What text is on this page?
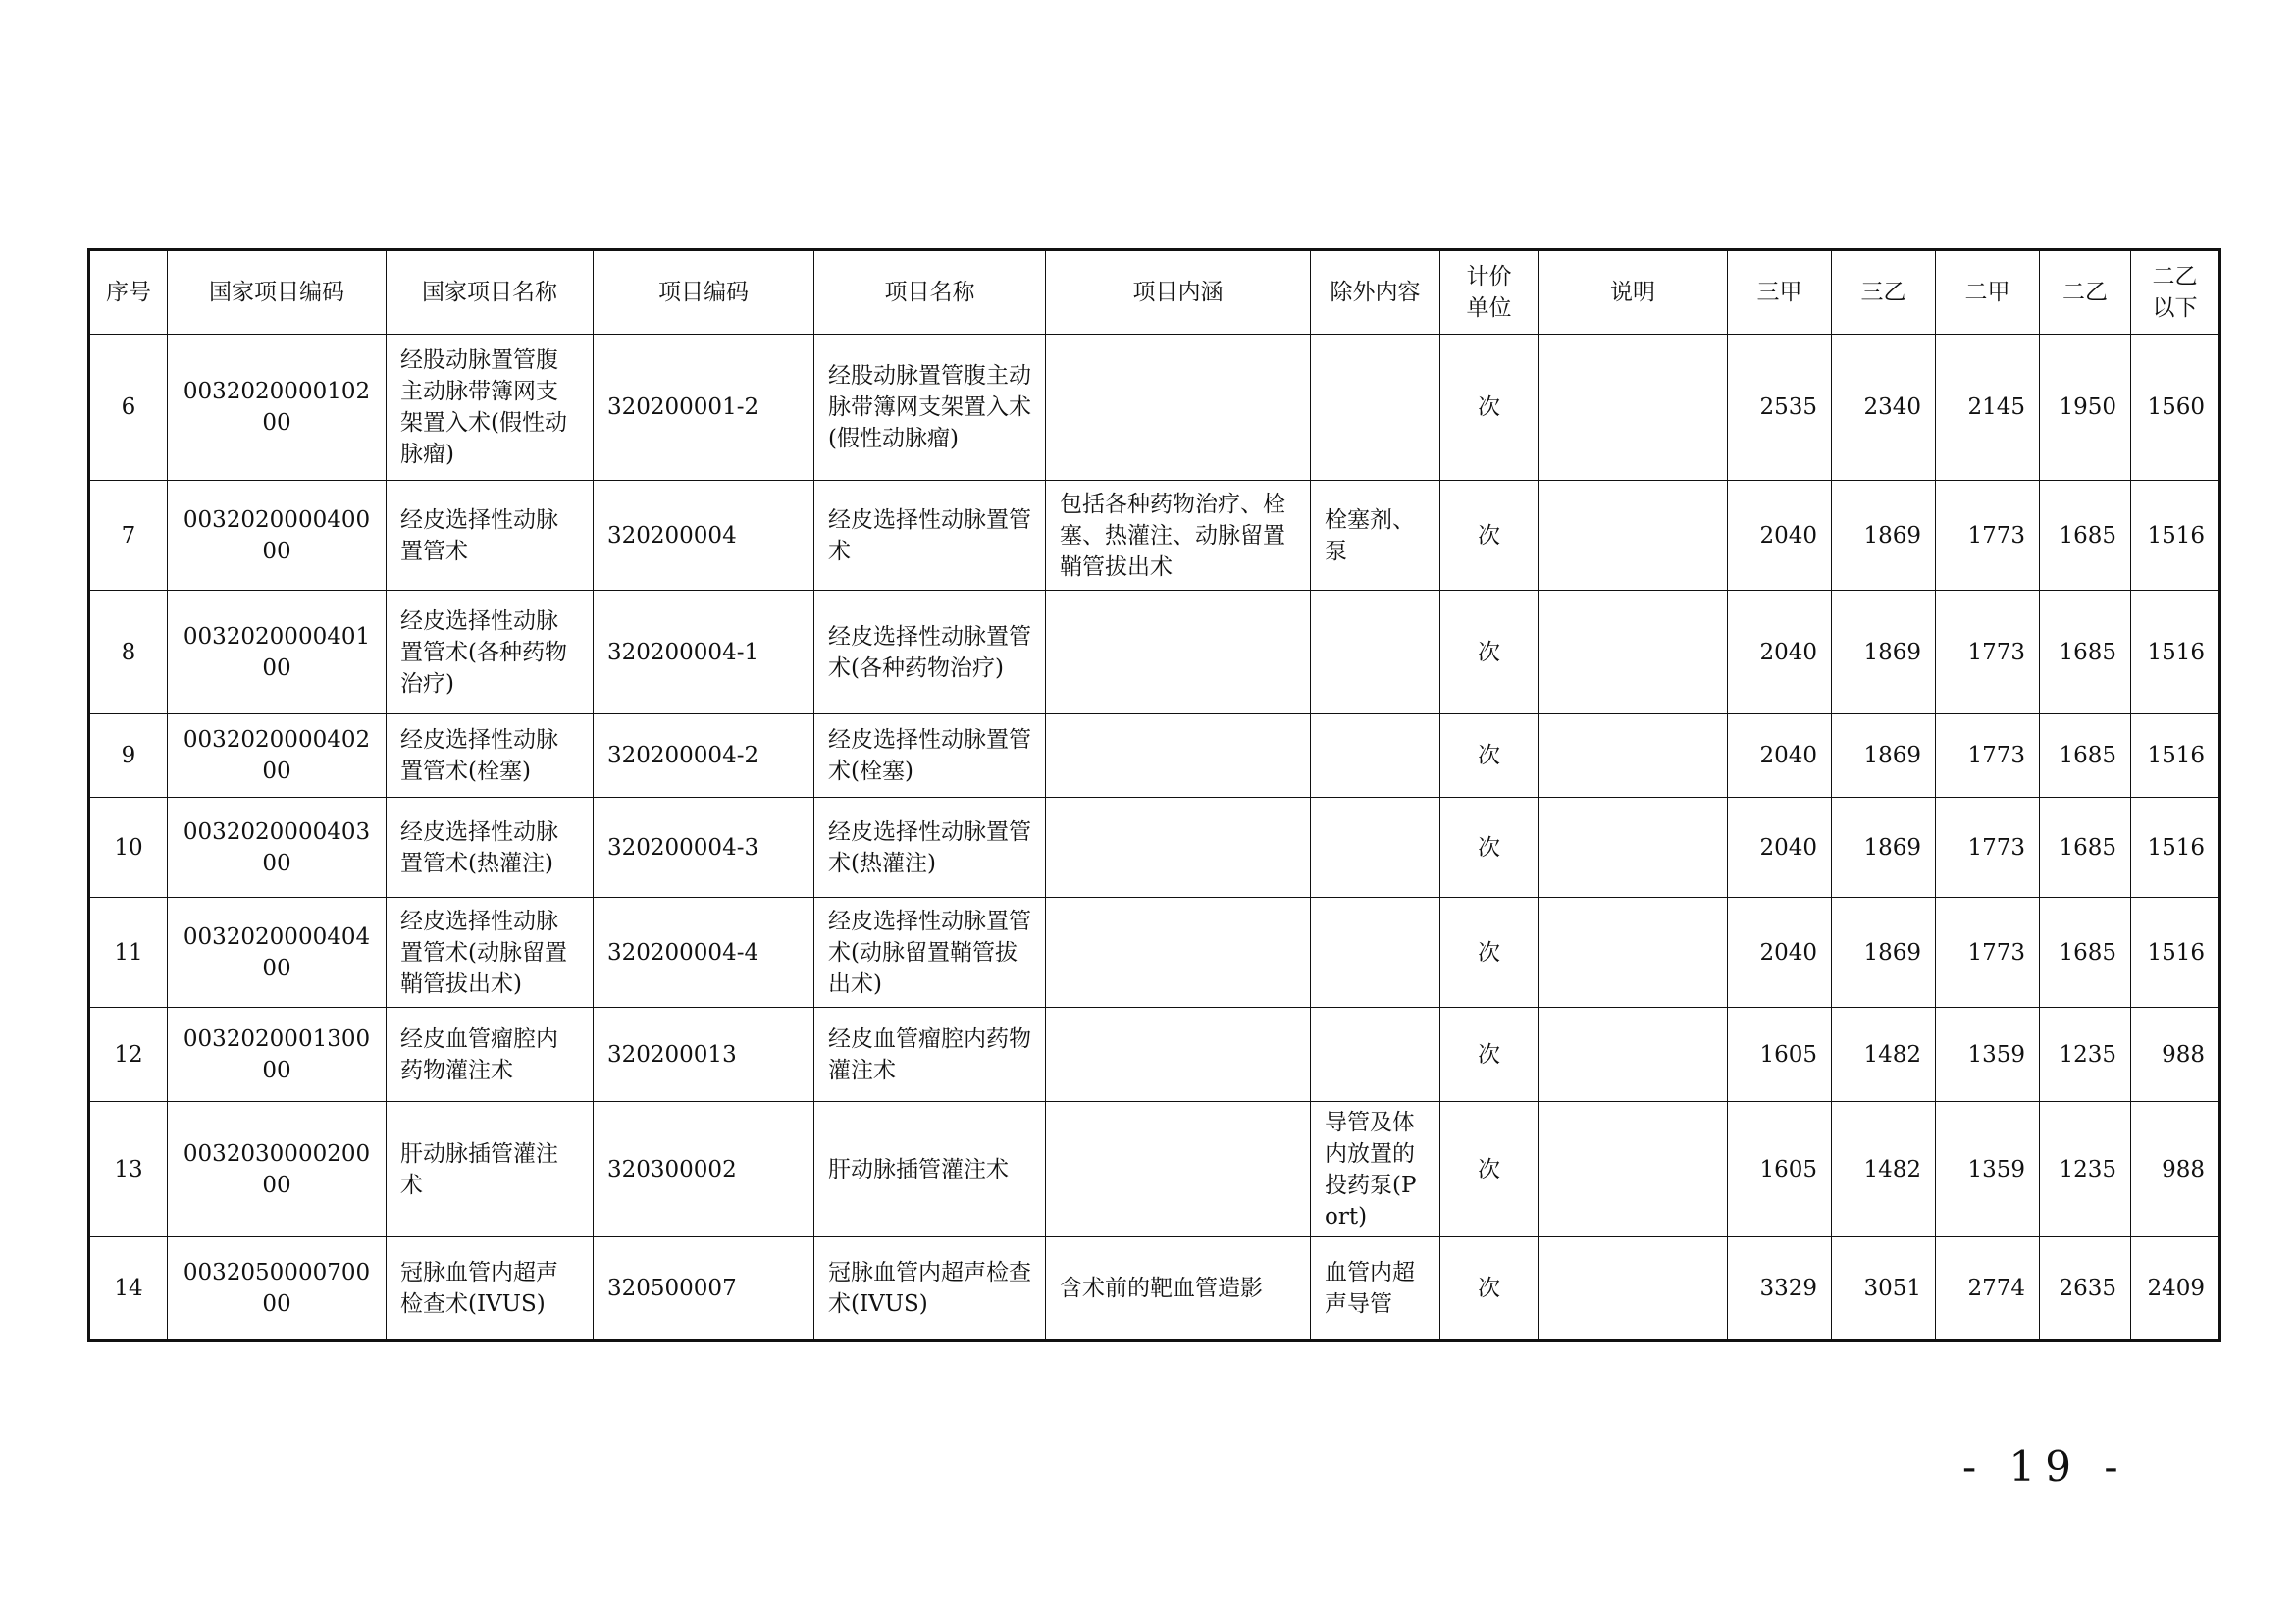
序号	国家项目编码	国家项目名称	项目编码	项目名称	项目内涵	除外内容	计价
单位	说明	三甲	三乙	二甲	二乙	二乙
以下
6	003202000010200	经股动脉置管腹主动脉带簿网支架置入术(假性动脉瘤)	320200001-2	经股动脉置管腹主动脉带簿网支架置入术(假性动脉瘤)			次		2535	2340	2145	1950	1560
7	003202000040000	经皮选择性动脉置管术	320200004	经皮选择性动脉置管术	包括各种药物治疗、栓塞、热灌注、动脉留置鞘管拔出术	栓塞剂、泵	次		2040	1869	1773	1685	1516
8	003202000040100	经皮选择性动脉置管术(各种药物治疗)	320200004-1	经皮选择性动脉置管术(各种药物治疗)			次		2040	1869	1773	1685	1516
9	003202000040200	经皮选择性动脉置管术(栓塞)	320200004-2	经皮选择性动脉置管术(栓塞)			次		2040	1869	1773	1685	1516
10	003202000040300	经皮选择性动脉置管术(热灌注)	320200004-3	经皮选择性动脉置管术(热灌注)			次		2040	1869	1773	1685	1516
11	003202000040400	经皮选择性动脉置管术(动脉留置鞘管拔出术)	320200004-4	经皮选择性动脉置管术(动脉留置鞘管拔出术)			次		2040	1869	1773	1685	1516
12	003202000130000	经皮血管瘤腔内药物灌注术	320200013	经皮血管瘤腔内药物灌注术			次		1605	1482	1359	1235	988
13	003203000020000	肝动脉插管灌注术	320300002	肝动脉插管灌注术		导管及体内放置的投药泵(Port)	次		1605	1482	1359	1235	988
14	003205000070000	冠脉血管内超声检查术(IVUS)	320500007	冠脉血管内超声检查术(IVUS)	含术前的靶血管造影	血管内超声导管	次		3329	3051	2774	2635	2409
- 19 -
